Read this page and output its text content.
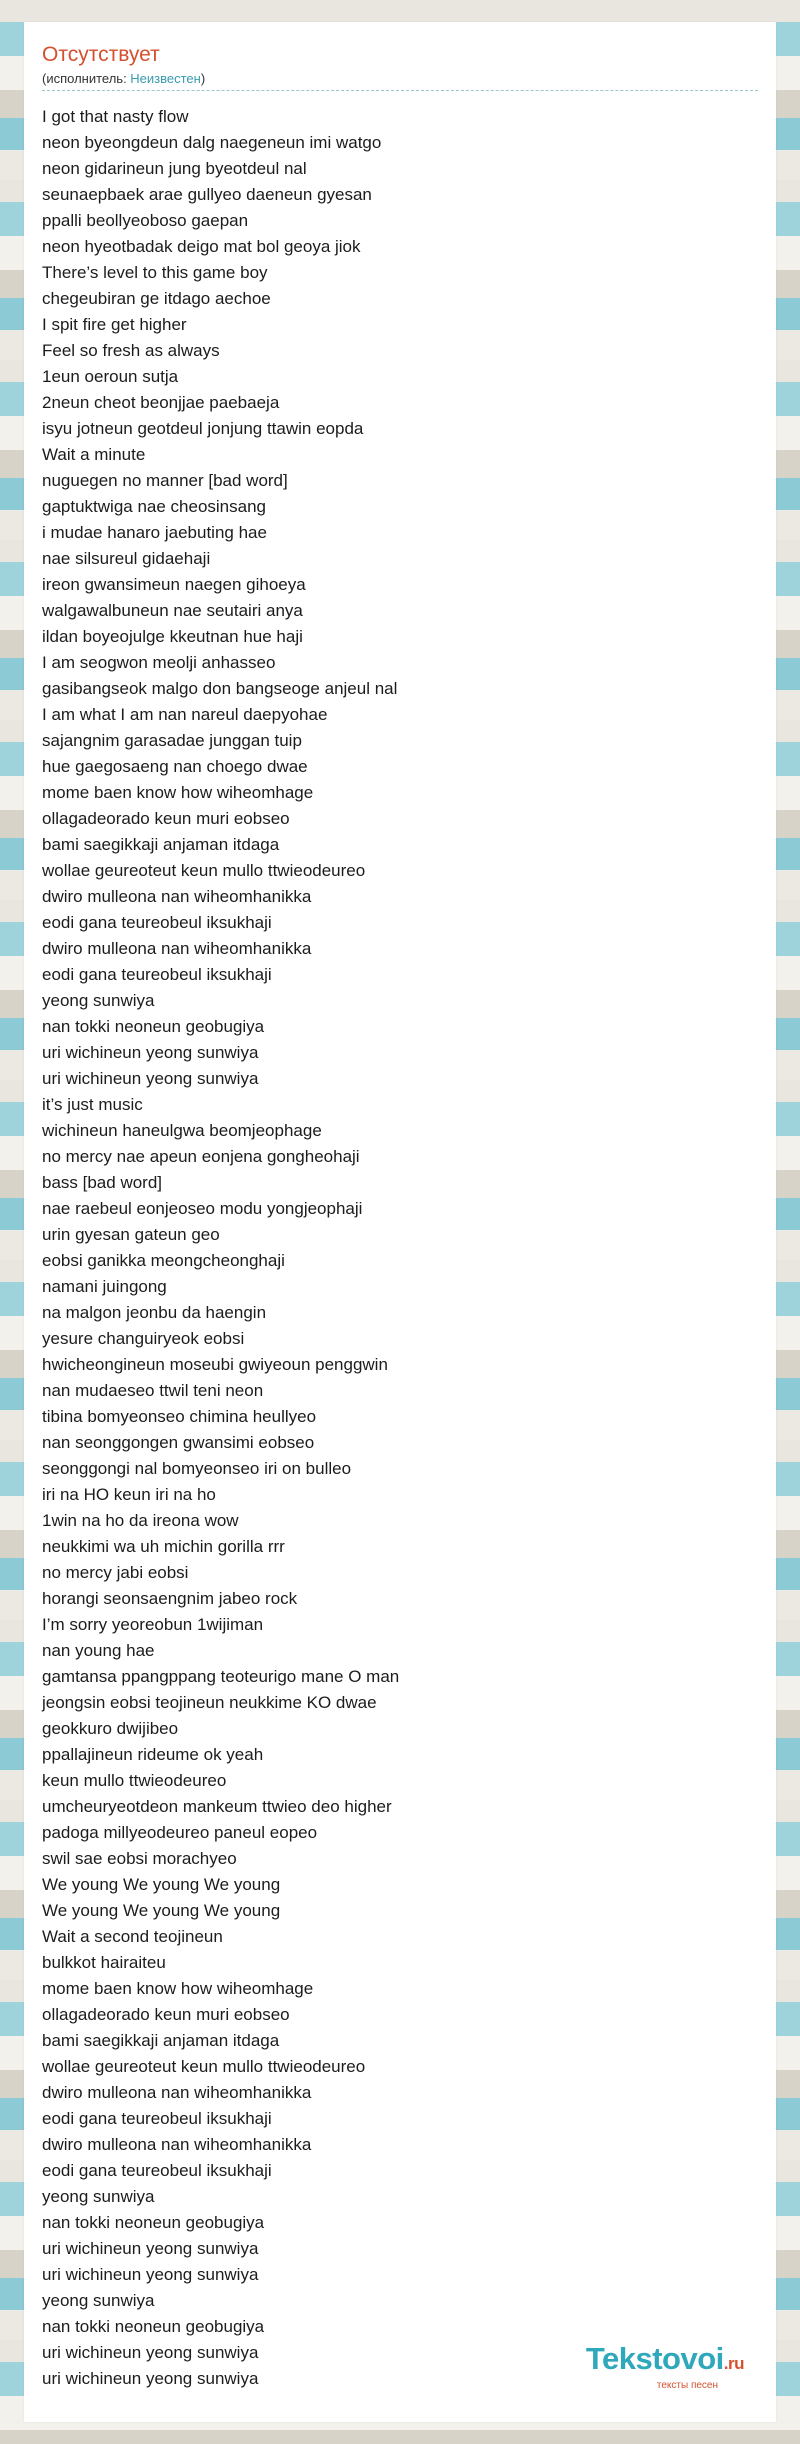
Отсутствует
(исполнитель: Неизвестен)
I got that nasty flow
neon byeongdeun dalg naegeneun imi watgo
neon gidarineun jung byeotdeul nal
seunaepbaek arae gullyeo daeneun gyesan
ppalli beollyeoboso gaepan
neon hyeotbadak deigo mat bol geoya jiok
There’s level to this game boy
chegeubiran ge itdago aechoe
I spit fire get higher
Feel so fresh as always
1eun oeroun sutja
2neun cheot beonjjae paebaeja
isyu jotneun geotdeul jonjung ttawin eopda
Wait a minute
nuguegen no manner [bad word]
gaptuktwiga nae cheosinsang
i mudae hanaro jaebuting hae
nae silsureul gidaehaji
ireon gwansimeun naegen gihoeya
walgawalbuneun nae seutairi anya
ildan boyeojulge kkeutnan hue haji
I am seogwon meolji anhasseo
gasibangseok malgo don bangseoge anjeul nal
I am what I am nan nareul daepyohae
sajangnim garasadae junggan tuip
hue gaegosaeng nan choego dwae
mome baen know how wiheomhage
ollagadeorado keun muri eobseo
bami saegikkaji anjaman itdaga
wollae geureoteut keun mullo ttwieodeureo
dwiro mulleona nan wiheomhanikka
eodi gana teureobeul iksukhaji
dwiro mulleona nan wiheomhanikka
eodi gana teureobeul iksukhaji
yeong sunwiya
nan tokki neoneun geobugiya
uri wichineun yeong sunwiya
uri wichineun yeong sunwiya
it’s just music
wichineun haneulgwa beomjeophage
no mercy nae apeun eonjena gongheohaji
bass [bad word]
nae raebeul eonjeoseo modu yongjeophaji
urin gyesan gateun geo
eobsi ganikka meongcheonghaji
namani juingong
na malgon jeonbu da haengin
yesure changuiryeok eobsi
hwicheongineun moseubi gwiyeoun penggwin
nan mudaeseo ttwil teni neon
tibina bomyeonseo chimina heullyeo
nan seonggongen gwansimi eobseo
seonggongi nal bomyeonseo iri on bulleo
iri na HO keun iri na ho
1win na ho da ireona wow
neukkimi wa uh michin gorilla rrr
no mercy jabi eobsi
horangi seonsaengnim jabeo rock
I’m sorry yeoreobun 1wijiman
nan young hae
gamtansa ppangppang teoteurigo mane O man
jeongsin eobsi teojineun neukkime KO dwae
geokkuro dwijibeo
ppallajineun rideume ok yeah
keun mullo ttwieodeureo
umcheuryeotdeon mankeum ttwieo deo higher
padoga millyeodeureo paneul eopeo
swil sae eobsi morachyeo
We young We young We young
We young We young We young
Wait a second teojineun
bulkkot hairaiteu
mome baen know how wiheomhage
ollagadeorado keun muri eobseo
bami saegikkaji anjaman itdaga
wollae geureoteut keun mullo ttwieodeureo
dwiro mulleona nan wiheomhanikka
eodi gana teureobeul iksukhaji
dwiro mulleona nan wiheomhanikka
eodi gana teureobeul iksukhaji
yeong sunwiya
nan tokki neoneun geobugiya
uri wichineun yeong sunwiya
uri wichineun yeong sunwiya
yeong sunwiya
nan tokki neoneun geobugiya
uri wichineun yeong sunwiya
uri wichineun yeong sunwiya
Tekstovoi.ru
тексты песен
